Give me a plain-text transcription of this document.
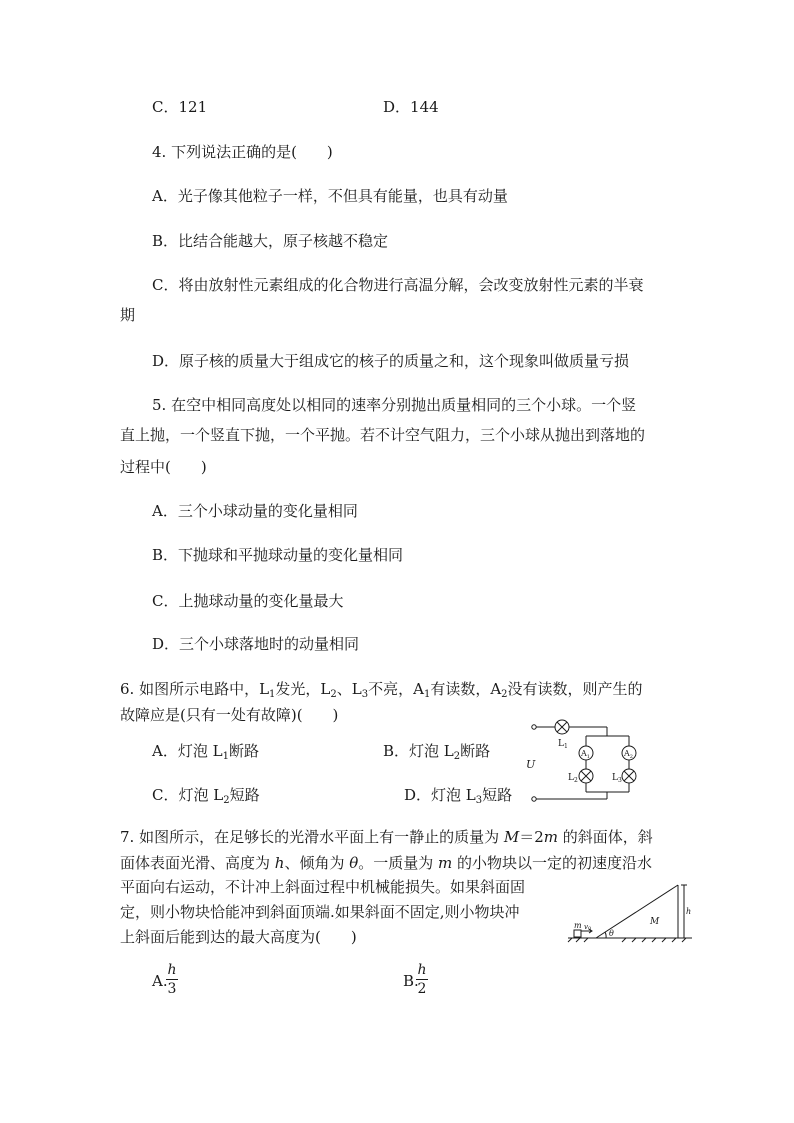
C．121	D．144
4. 下列说法正确的是(　　)
A．光子像其他粒子一样，不但具有能量，也具有动量
B．比结合能越大，原子核越不稳定
C．将由放射性元素组成的化合物进行高温分解，会改变放射性元素的半衰
期
D．原子核的质量大于组成它的核子的质量之和，这个现象叫做质量亏损
5. 在空中相同高度处以相同的速率分别抛出质量相同的三个小球。一个竖
直上抛，一个竖直下抛，一个平抛。若不计空气阻力，三个小球从抛出到落地的
过程中(　　)
A．三个小球动量的变化量相同
B．下抛球和平抛球动量的变化量相同
C．上抛球动量的变化量最大
D．三个小球落地时的动量相同
6. 如图所示电路中，$L_1$发光，$L_2$、$L_3$不亮，$A_1$有读数，$A_2$没有读数，则产生的
故障应是(只有一处有故障)(　　)
A．灯泡 $L_1$断路	B．灯泡 $L_2$断路
C．灯泡 $L_2$短路	D．灯泡 $L_3$短路
U
$L_1$
$A_1$	$A_2$
$L_2$	$L_3$
7. 如图所示，在足够长的光滑水平面上有一静止的质量为 M＝2m 的斜面体，斜
面体表面光滑、高度为 h、倾角为 θ。一质量为 m 的小物块以一定的初速度沿水
平面向右运动，不计冲上斜面过程中机械能损失。如果斜面固
定，则小物块恰能冲到斜面顶端.如果斜面不固定,则小物块冲
上斜面后能到达的最大高度为(　　)
A.
h
3	B.
h
2
m v0 θ
M
h
